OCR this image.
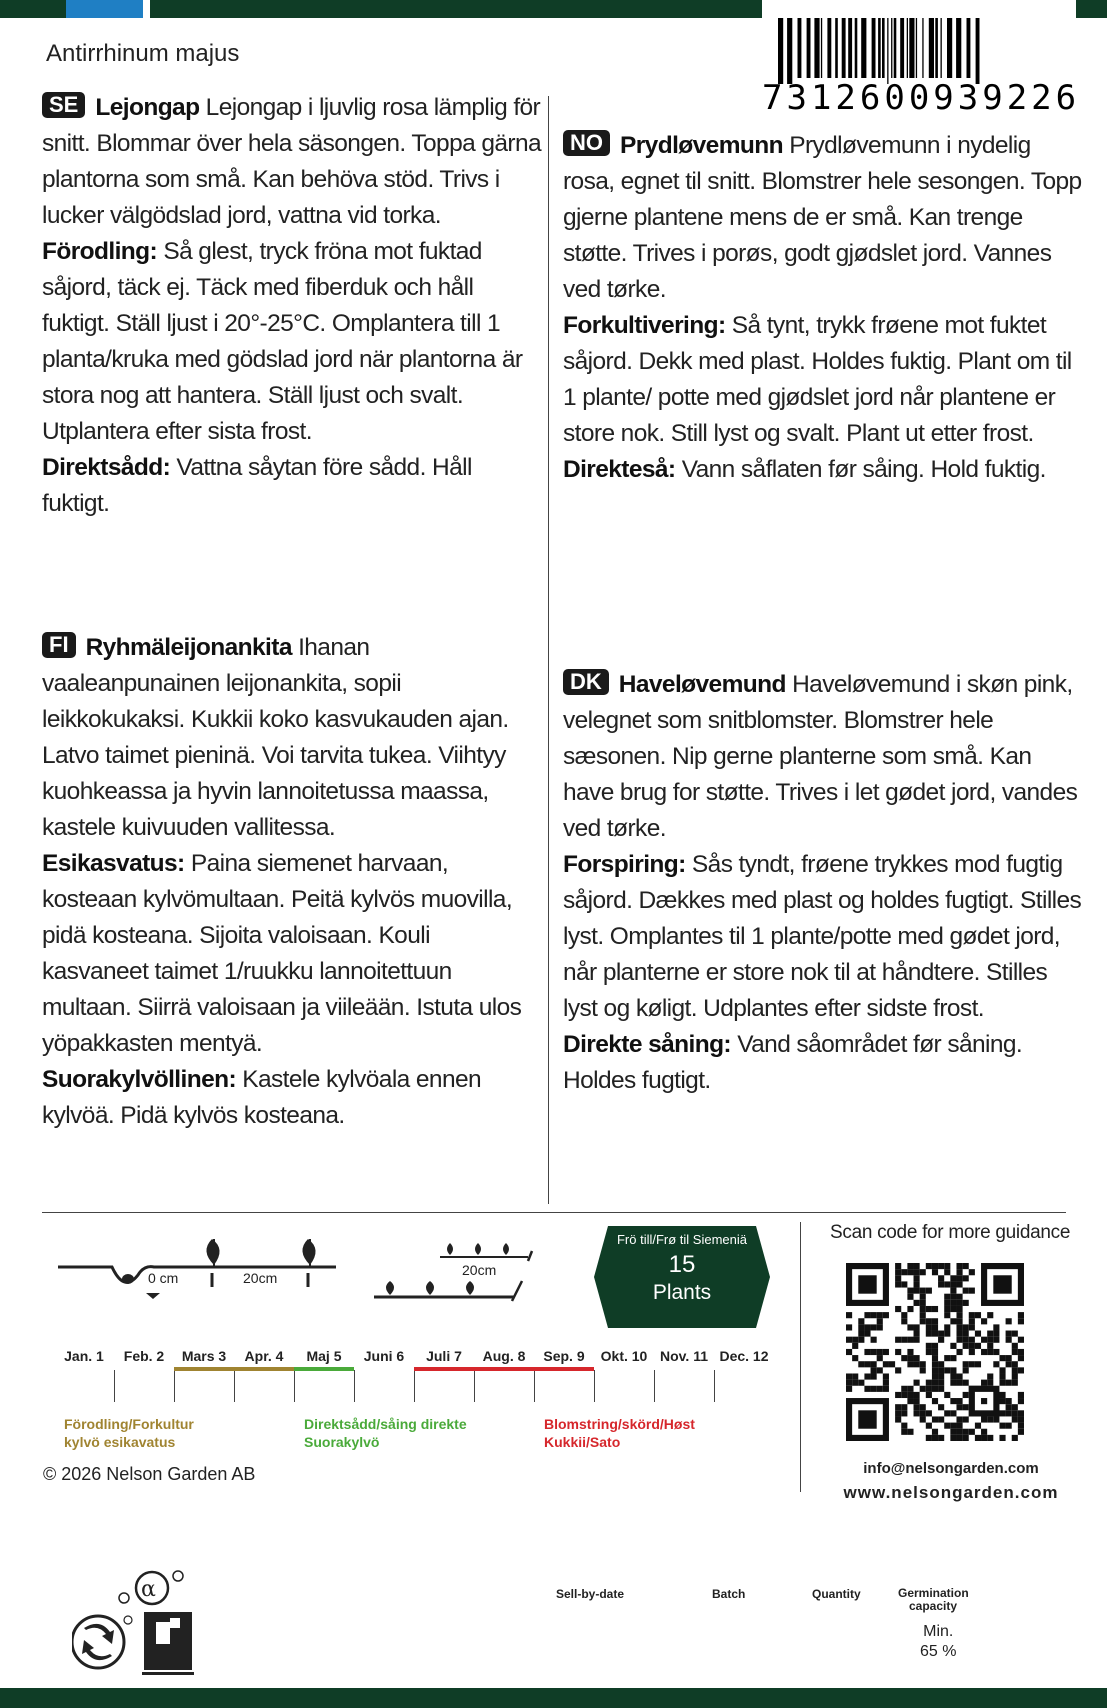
7312600939226
Antirrhinum majus
SE Lejongap Lejongap i ljuvlig rosa lämplig för snitt. Blommar över hela säsongen. Toppa gärna plantorna som små. Kan behöva stöd. Trivs i lucker välgödslad jord, vattna vid torka.
Förodling: Så glest, tryck fröna mot fuktad såjord, täck ej. Täck med fiberduk och håll fuktigt. Ställ ljust i 20°-25°C. Omplantera till 1 planta/kruka med gödslad jord när plantorna är stora nog att hantera. Ställ ljust och svalt. Utplantera efter sista frost.
Direktsådd: Vattna såytan före sådd. Håll fuktigt.
NO Prydløvemunn Prydløvemunn i nydelig rosa, egnet til snitt. Blomstrer hele sesongen. Topp gjerne plantene mens de er små. Kan trenge støtte. Trives i porøs, godt gjødslet jord. Vannes ved tørke.
Forkultivering: Så tynt, trykk frøene mot fuktet såjord. Dekk med plast. Holdes fuktig. Plant om til 1 plante/ potte med gjødslet jord når plantene er store nok. Still lyst og svalt. Plant ut etter frost.
Direkteså: Vann såflaten før såing. Hold fuktig.
FI Ryhmäleijonankita Ihanan vaaleanpunainen leijonankita, sopii leikkokukaksi. Kukkii koko kasvukauden ajan. Latvo taimet pieninä. Voi tarvita tukea. Viihtyy kuohkeassa ja hyvin lannoitetussa maassa, kastele kuivuuden vallitessa.
Esikasvatus: Paina siemenet harvaan, kosteaan kylvömultaan. Peitä kylvös muovilla, pidä kosteana. Sijoita valoisaan. Kouli kasvaneet taimet 1/ruukku lannoitettuun multaan. Siirrä valoisaan ja viileään. Istuta ulos yöpakkasten mentyä.
Suorakylvöllinen: Kastele kylvöala ennen kylvöä. Pidä kylvös kosteana.
DK Haveløvemund Haveløvemund i skøn pink, velegnet som snitblomster. Blomstrer hele sæsonen. Nip gerne planterne som små. Kan have brug for støtte. Trives i let gødet jord, vandes ved tørke.
Forspiring: Sås tyndt, frøene trykkes mod fugtig såjord. Dækkes med plast og holdes fugtigt. Stilles lyst. Omplantes til 1 plante/potte med gødet jord, når planterne er store nok til at håndtere. Stilles lyst og køligt. Udplantes efter sidste frost.
Direkte såning: Vand såområdet før såning. Holdes fugtigt.
0 cm	20cm	20cm
Frö till/Frø til Siemeniä
15
Plants
Jan. 1	Feb. 2	Mars 3	Apr. 4	Maj 5	Juni 6	Juli 7	Aug. 8	Sep. 9	Okt. 10 Nov. 11 Dec. 12
Förodling/Forkultur
kylvö esikavatus
Direktsådd/såing direkte
Suorakylvö
Blomstring/skörd/Høst
Kukkii/Sato
© 2026 Nelson Garden AB
Scan code for more guidance
info@nelsongarden.com
www.nelsongarden.com
α	Sell-by-date	Batch	Quantity	Germination capacity
Min.
65 %
